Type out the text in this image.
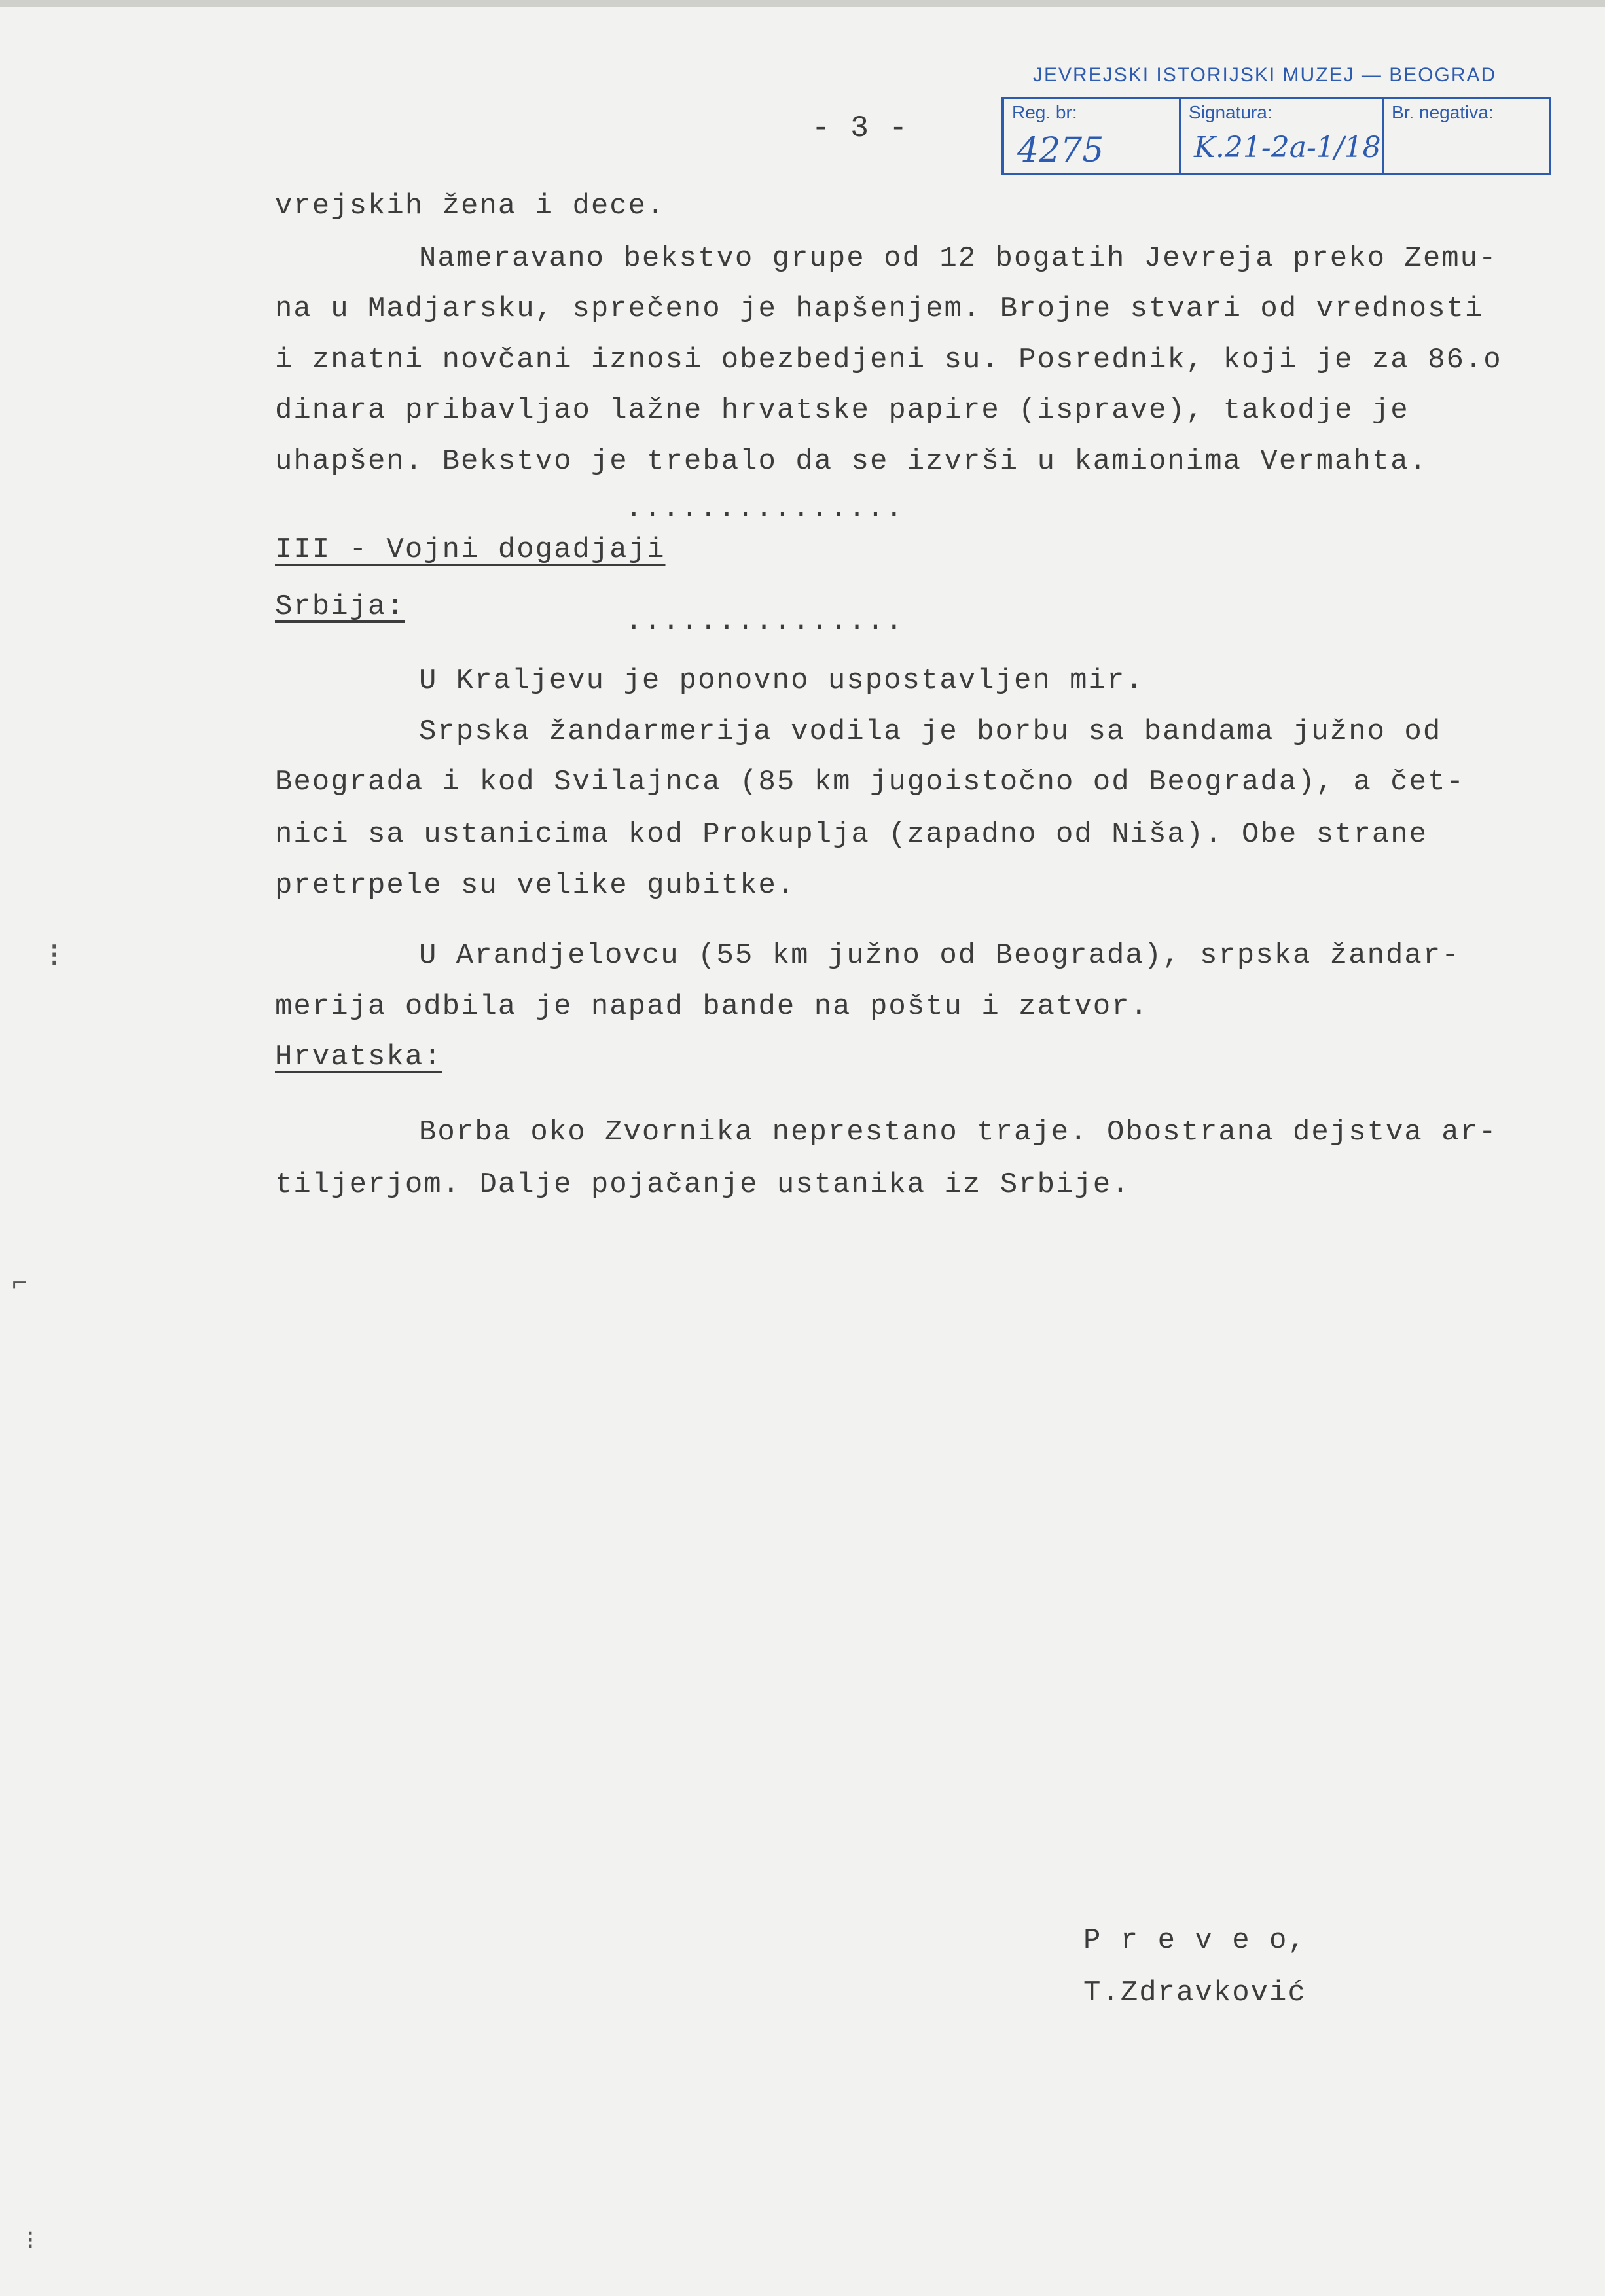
- 3 -
JEVREJSKI ISTORIJSKI MUZEJ — BEOGRAD
Reg. br:
4275
Signatura:
K.21-2a-1/18
Br. negativa:
vrejskih žena i dece.
Nameravano bekstvo grupe od 12 bogatih Jevreja preko Zemu-
na u Madjarsku, sprečeno je hapšenjem. Brojne stvari od vrednosti
i znatni novčani iznosi obezbedjeni su. Posrednik, koji je za 86.o
dinara pribavljao lažne hrvatske papire (isprave), takodje je
uhapšen. Bekstvo je trebalo da se izvrši u kamionima Vermahta.
...............
III - Vojni dogadjaji
Srbija:	...............
U Kraljevu je ponovno uspostavljen mir.
Srpska žandarmerija vodila je borbu sa bandama južno od
Beograda i kod Svilajnca (85 km jugoistočno od Beograda), a čet-
nici sa ustanicima kod Prokuplja (zapadno od Niša). Obe strane
pretrpele su velike gubitke.
U Arandjelovcu (55 km južno od Beograda), srpska žandar-
merija odbila je napad bande na poštu i zatvor.
Hrvatska:
Borba oko Zvornika neprestano traje. Obostrana dejstva ar-
tiljerjom. Dalje pojačanje ustanika iz Srbije.
P r e v e o,
T.Zdravković
⁝
⌐
⁝
